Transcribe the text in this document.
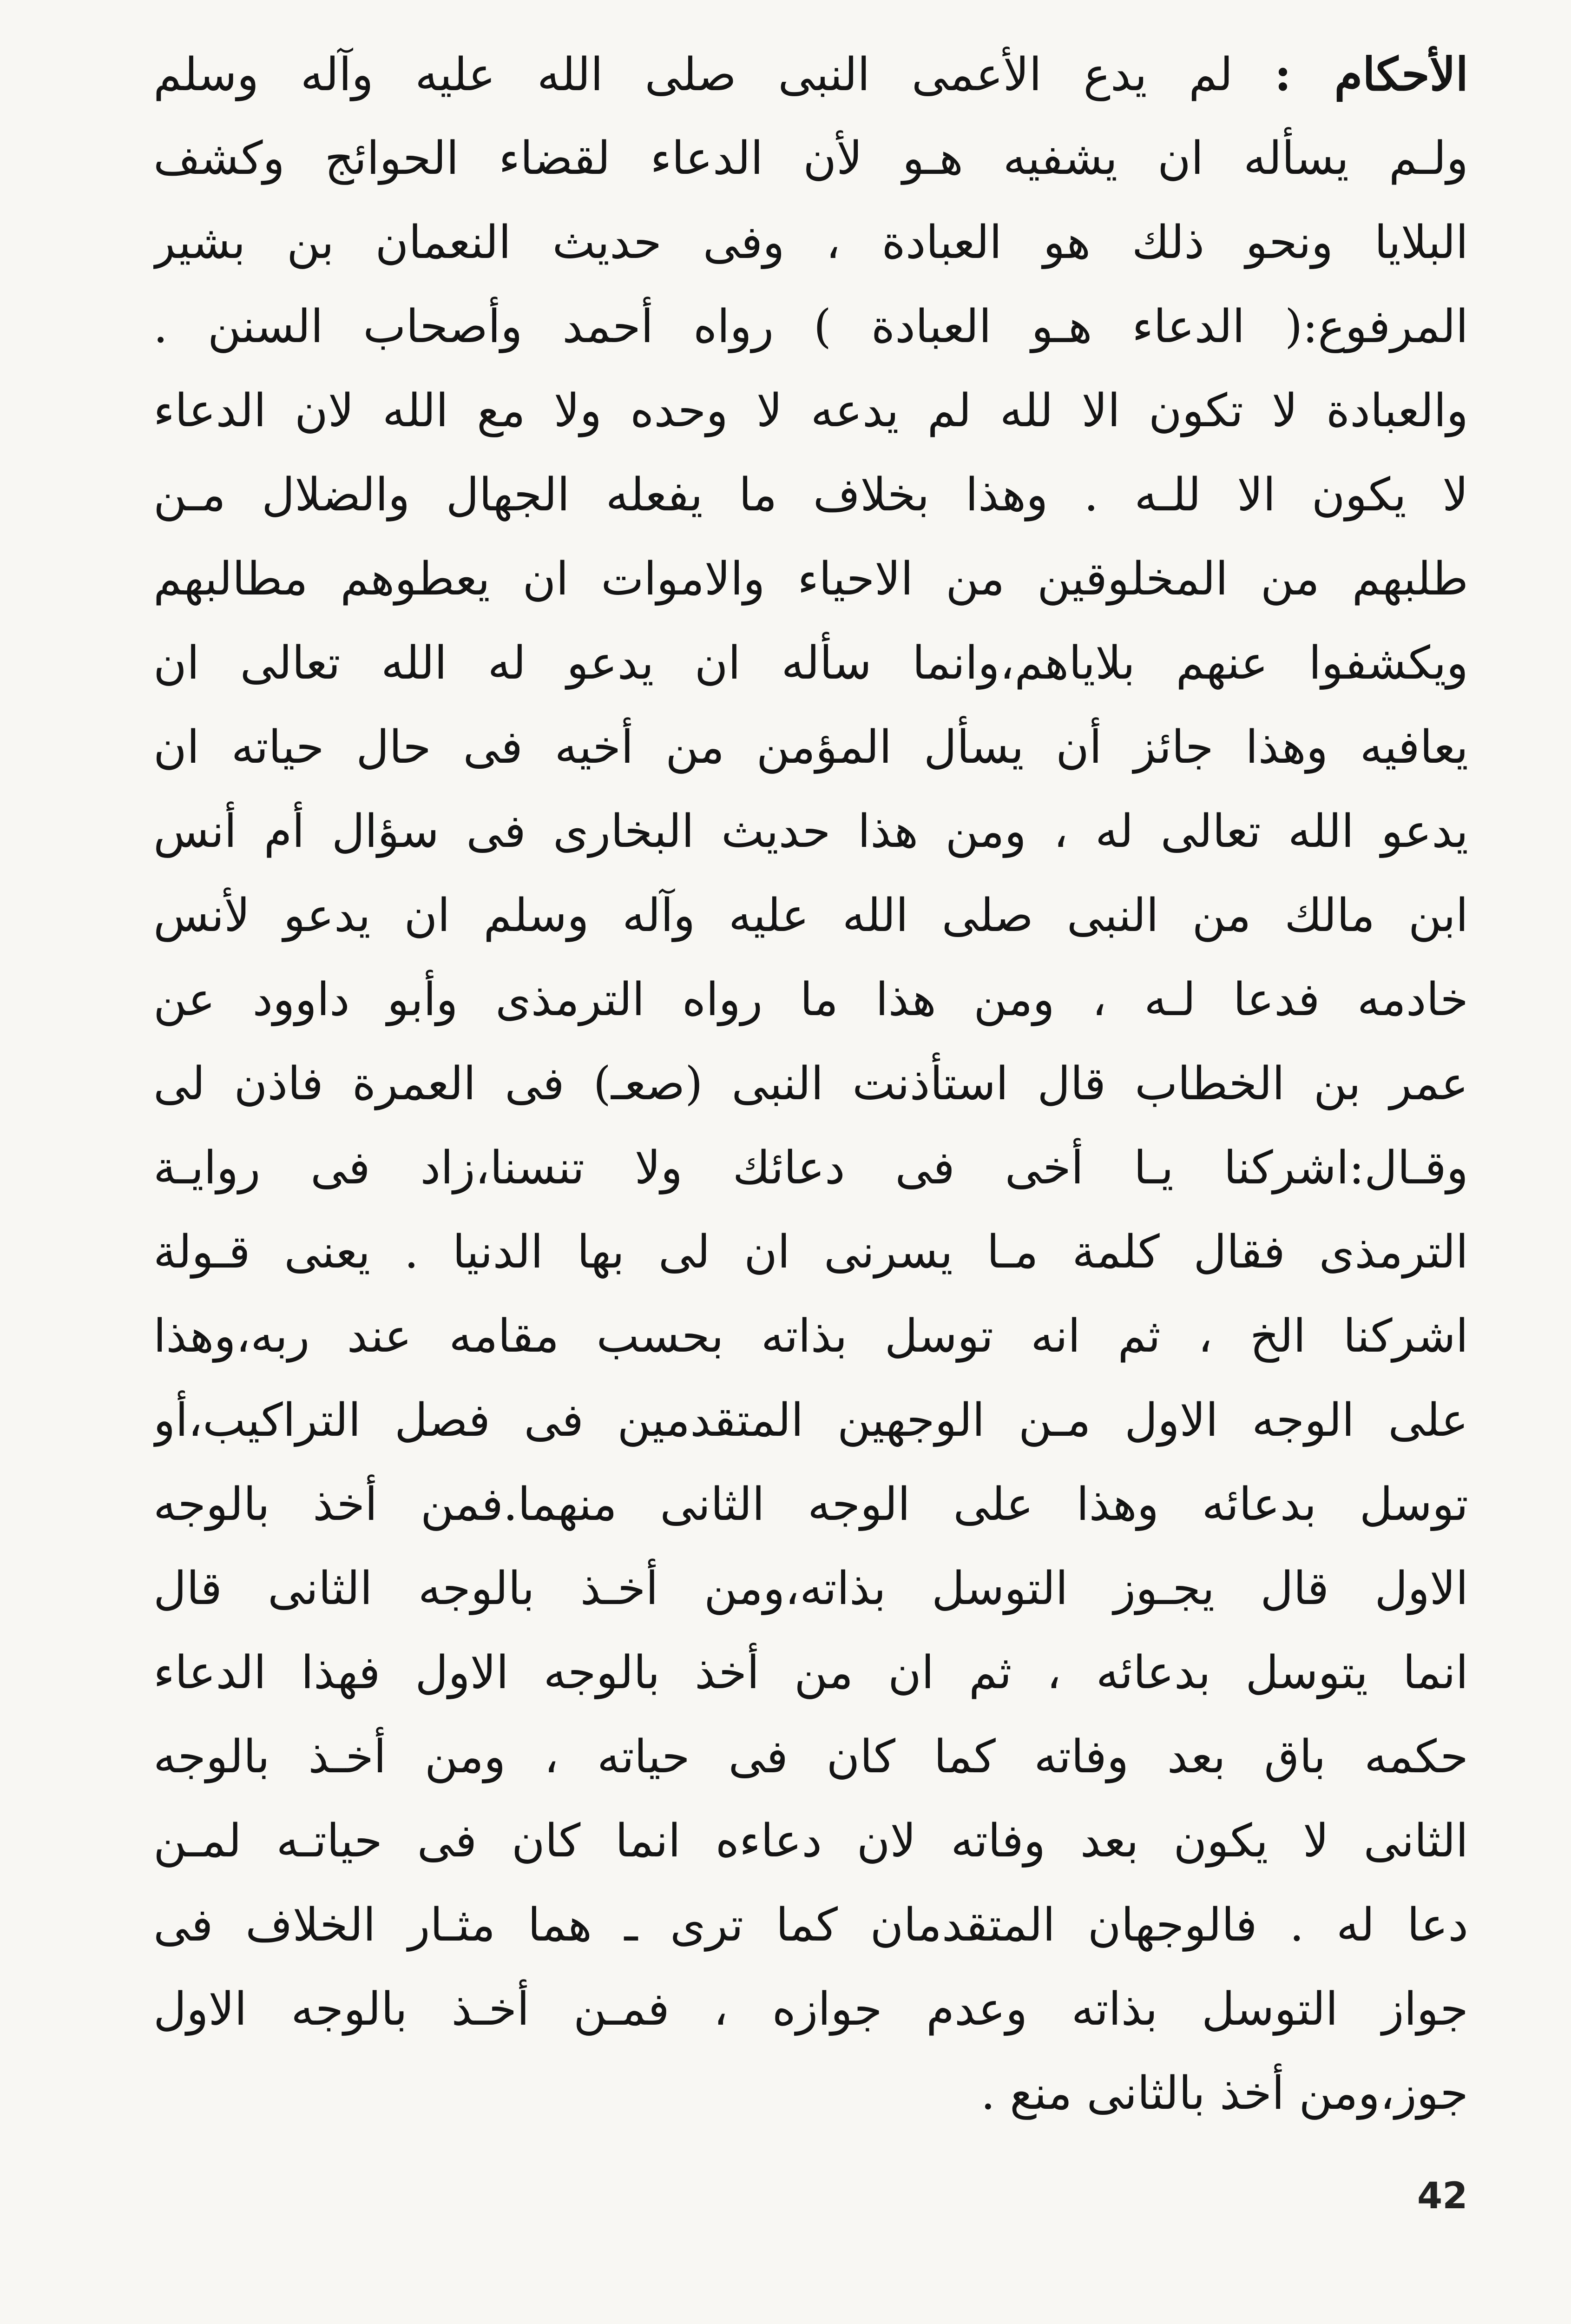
الأحكام : لم يدع الأعمى النبى صلى الله عليه وآله وسلم
ولـم يسأله ان يشفيه هـو لأن الدعاء لقضاء الحوائج وكشف
البلايا ونحو ذلك هو العبادة ، وفى حديث النعمان بن بشير
المرفوع:( الدعاء هـو العبادة ) رواه أحمد وأصحاب السنن .
والعبادة لا تكون الا لله لم يدعه لا وحده ولا مع الله لان الدعاء
لا يكون الا للـه . وهذا بخلاف ما يفعله الجهال والضلال مـن
طلبهم من المخلوقين من الاحياء والاموات ان يعطوهم مطالبهم
ويكشفوا عنهم بلاياهم،وانما سأله ان يدعو له الله تعالى ان
يعافيه وهذا جائز أن يسأل المؤمن من أخيه فى حال حياته ان
يدعو الله تعالى له ، ومن هذا حديث البخارى فى سؤال أم أنس
ابن مالك من النبى صلى الله عليه وآله وسلم ان يدعو لأنس
خادمه فدعا لـه ، ومن هذا ما رواه الترمذى وأبو داوود عن
عمر بن الخطاب قال استأذنت النبى (صعـ) فى العمرة فاذن لى
وقـال:اشركنا يـا أخى فى دعائك ولا تنسنا،زاد فى روايـة
الترمذى فقال كلمة مـا يسرنى ان لى بها الدنيا . يعنى قـولة
اشركنا الخ ، ثم انه توسل بذاته بحسب مقامه عند ربه،وهذا
على الوجه الاول مـن الوجهين المتقدمين فى فصل التراكيب،أو
توسل بدعائه وهذا على الوجه الثانى منهما.فمن أخذ بالوجه
الاول قال يجـوز التوسل بذاته،ومن أخـذ بالوجه الثانى قال
انما يتوسل بدعائه ، ثم ان من أخذ بالوجه الاول فهذا الدعاء
حكمه باق بعد وفاته كما كان فى حياته ، ومن أخـذ بالوجه
الثانى لا يكون بعد وفاته لان دعاءه انما كان فى حياتـه لمـن
دعا له . فالوجهان المتقدمان كما ترى ـ هما مثـار الخلاف فى
جواز التوسل بذاته وعدم جوازه ، فمـن أخـذ بالوجه الاول
جوز،ومن أخذ بالثانى منع .
42
